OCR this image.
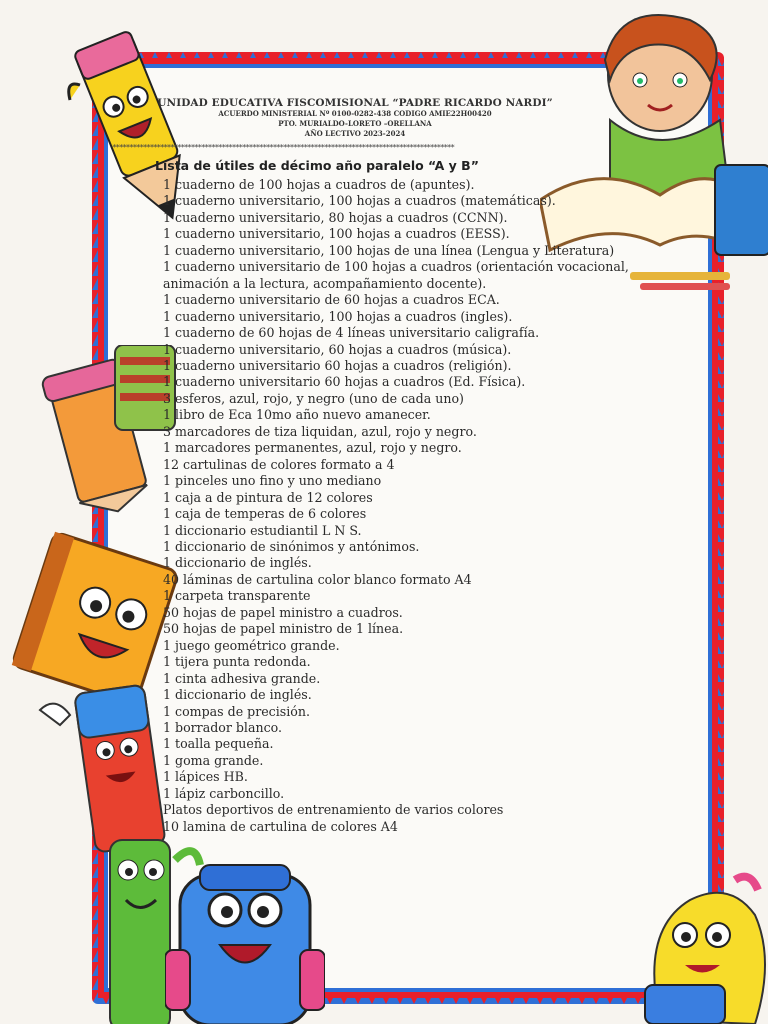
UNIDAD EDUCATIVA FISCOMISIONAL “PADRE RICARDO NARDI”
ACUERDO MINISTERIAL Nº 0100-0282-438 CODIGO AMIE22H00420
PTO. MURIALDO-LORETO –ORELLANA
AÑO LECTIVO 2023-2024
****************************************************************************************************
Lista de útiles de décimo año paralelo “A y B”
1 cuaderno de 100 hojas a cuadros de (apuntes).
1 cuaderno universitario, 100 hojas a cuadros (matemáticas).
1 cuaderno universitario, 80 hojas a cuadros (CCNN).
1 cuaderno universitario, 100 hojas a cuadros (EESS).
1 cuaderno universitario, 100 hojas de una línea (Lengua y Literatura)
1 cuaderno universitario de 100 hojas a cuadros (orientación vocacional, animación a la lectura, acompañamiento docente).
1 cuaderno universitario de 60 hojas a cuadros ECA.
1 cuaderno universitario, 100 hojas a cuadros (ingles).
1 cuaderno de 60 hojas de 4 líneas universitario caligrafía.
1 cuaderno universitario, 60 hojas a cuadros (música).
1 cuaderno universitario 60 hojas a cuadros (religión).
1 cuaderno universitario 60 hojas a cuadros (Ed. Física).
3 esferos, azul, rojo, y negro (uno de cada uno)
1 libro de Eca 10mo año nuevo amanecer.
3 marcadores de tiza liquidan, azul, rojo y negro.
1 marcadores permanentes, azul, rojo y negro.
12 cartulinas de colores formato a 4
1 pinceles uno fino y uno mediano
1 caja a de pintura de 12 colores
1 caja de temperas de 6 colores
1 diccionario estudiantil L N S.
1 diccionario de sinónimos y antónimos.
1 diccionario de inglés.
40 láminas de cartulina color blanco formato A4
1 carpeta transparente
50 hojas de papel ministro a cuadros.
50 hojas de papel ministro de 1 línea.
1 juego geométrico grande.
1 tijera punta redonda.
1 cinta adhesiva grande.
1 diccionario de inglés.
1 compas de precisión.
1 borrador blanco.
1 toalla pequeña.
1 goma grande.
1 lápices HB.
1 lápiz carboncillo.
Platos deportivos de entrenamiento de varios colores
10 lamina de cartulina de colores A4
